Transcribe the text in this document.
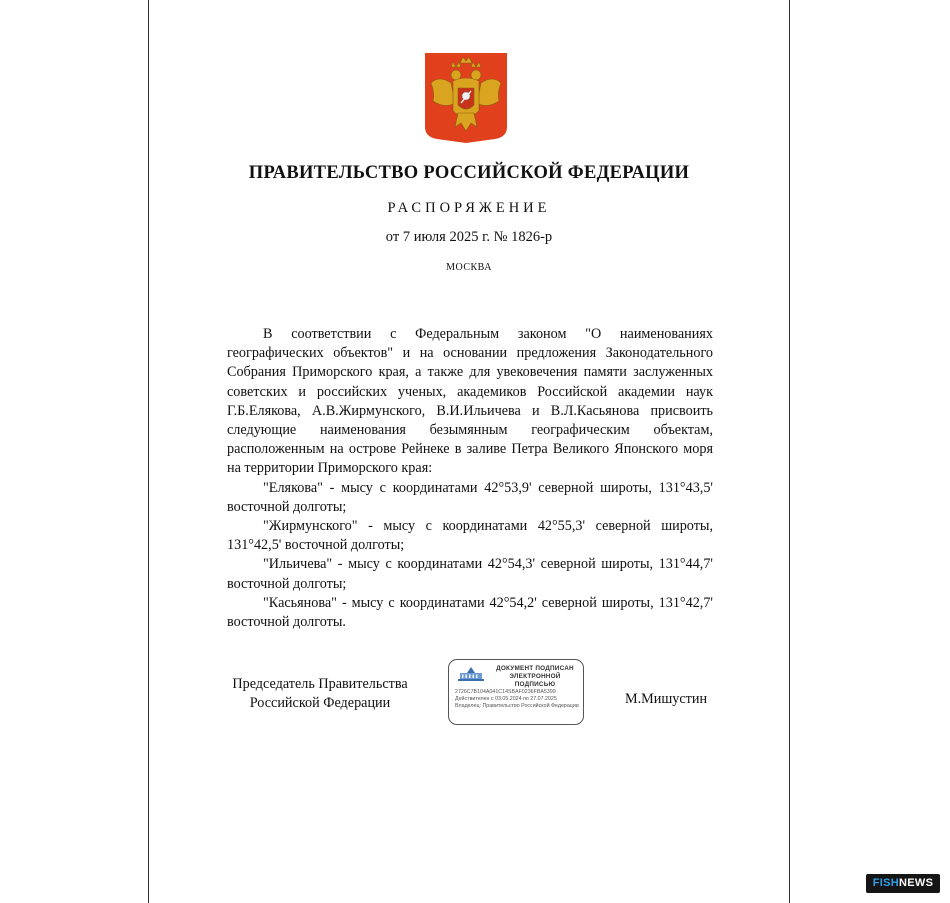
ПРАВИТЕЛЬСТВО РОССИЙСКОЙ ФЕДЕРАЦИИ
РАСПОРЯЖЕНИЕ
от 7 июля 2025 г. № 1826-р
МОСКВА

В соответствии с Федеральным законом "О наименованиях географических объектов" и на основании предложения Законодательного Собрания Приморского края, а также для увековечения памяти заслуженных советских и российских ученых, академиков Российской академии наук Г.Б.Елякова, А.В.Жирмунского, В.И.Ильичева и В.Л.Касьянова присвоить следующие наименования безымянным географическим объектам, расположенным на острове Рейнеке в заливе Петра Великого Японского моря на территории Приморского края:

"Елякова" - мысу с координатами 42°53,9' северной широты, 131°43,5' восточной долготы;

"Жирмунского" - мысу с координатами 42°55,3' северной широты, 131°42,5' восточной долготы;

"Ильичева" - мысу с координатами 42°54,3' северной широты, 131°44,7' восточной долготы;

"Касьянова" - мысу с координатами 42°54,2' северной широты, 131°42,7' восточной долготы.

Председатель Правительства
Российской Федерации
ДОКУМЕНТ ПОДПИСАН
ЭЛЕКТРОННОЙ ПОДПИСЬЮ
2726C7B104A041C14SBAF0236FBA5399
Действителен с 03.05.2024 по 27.07.2025
Владелец: Правительство Российской Федерации	М.Мишустин
FISHNEWS
